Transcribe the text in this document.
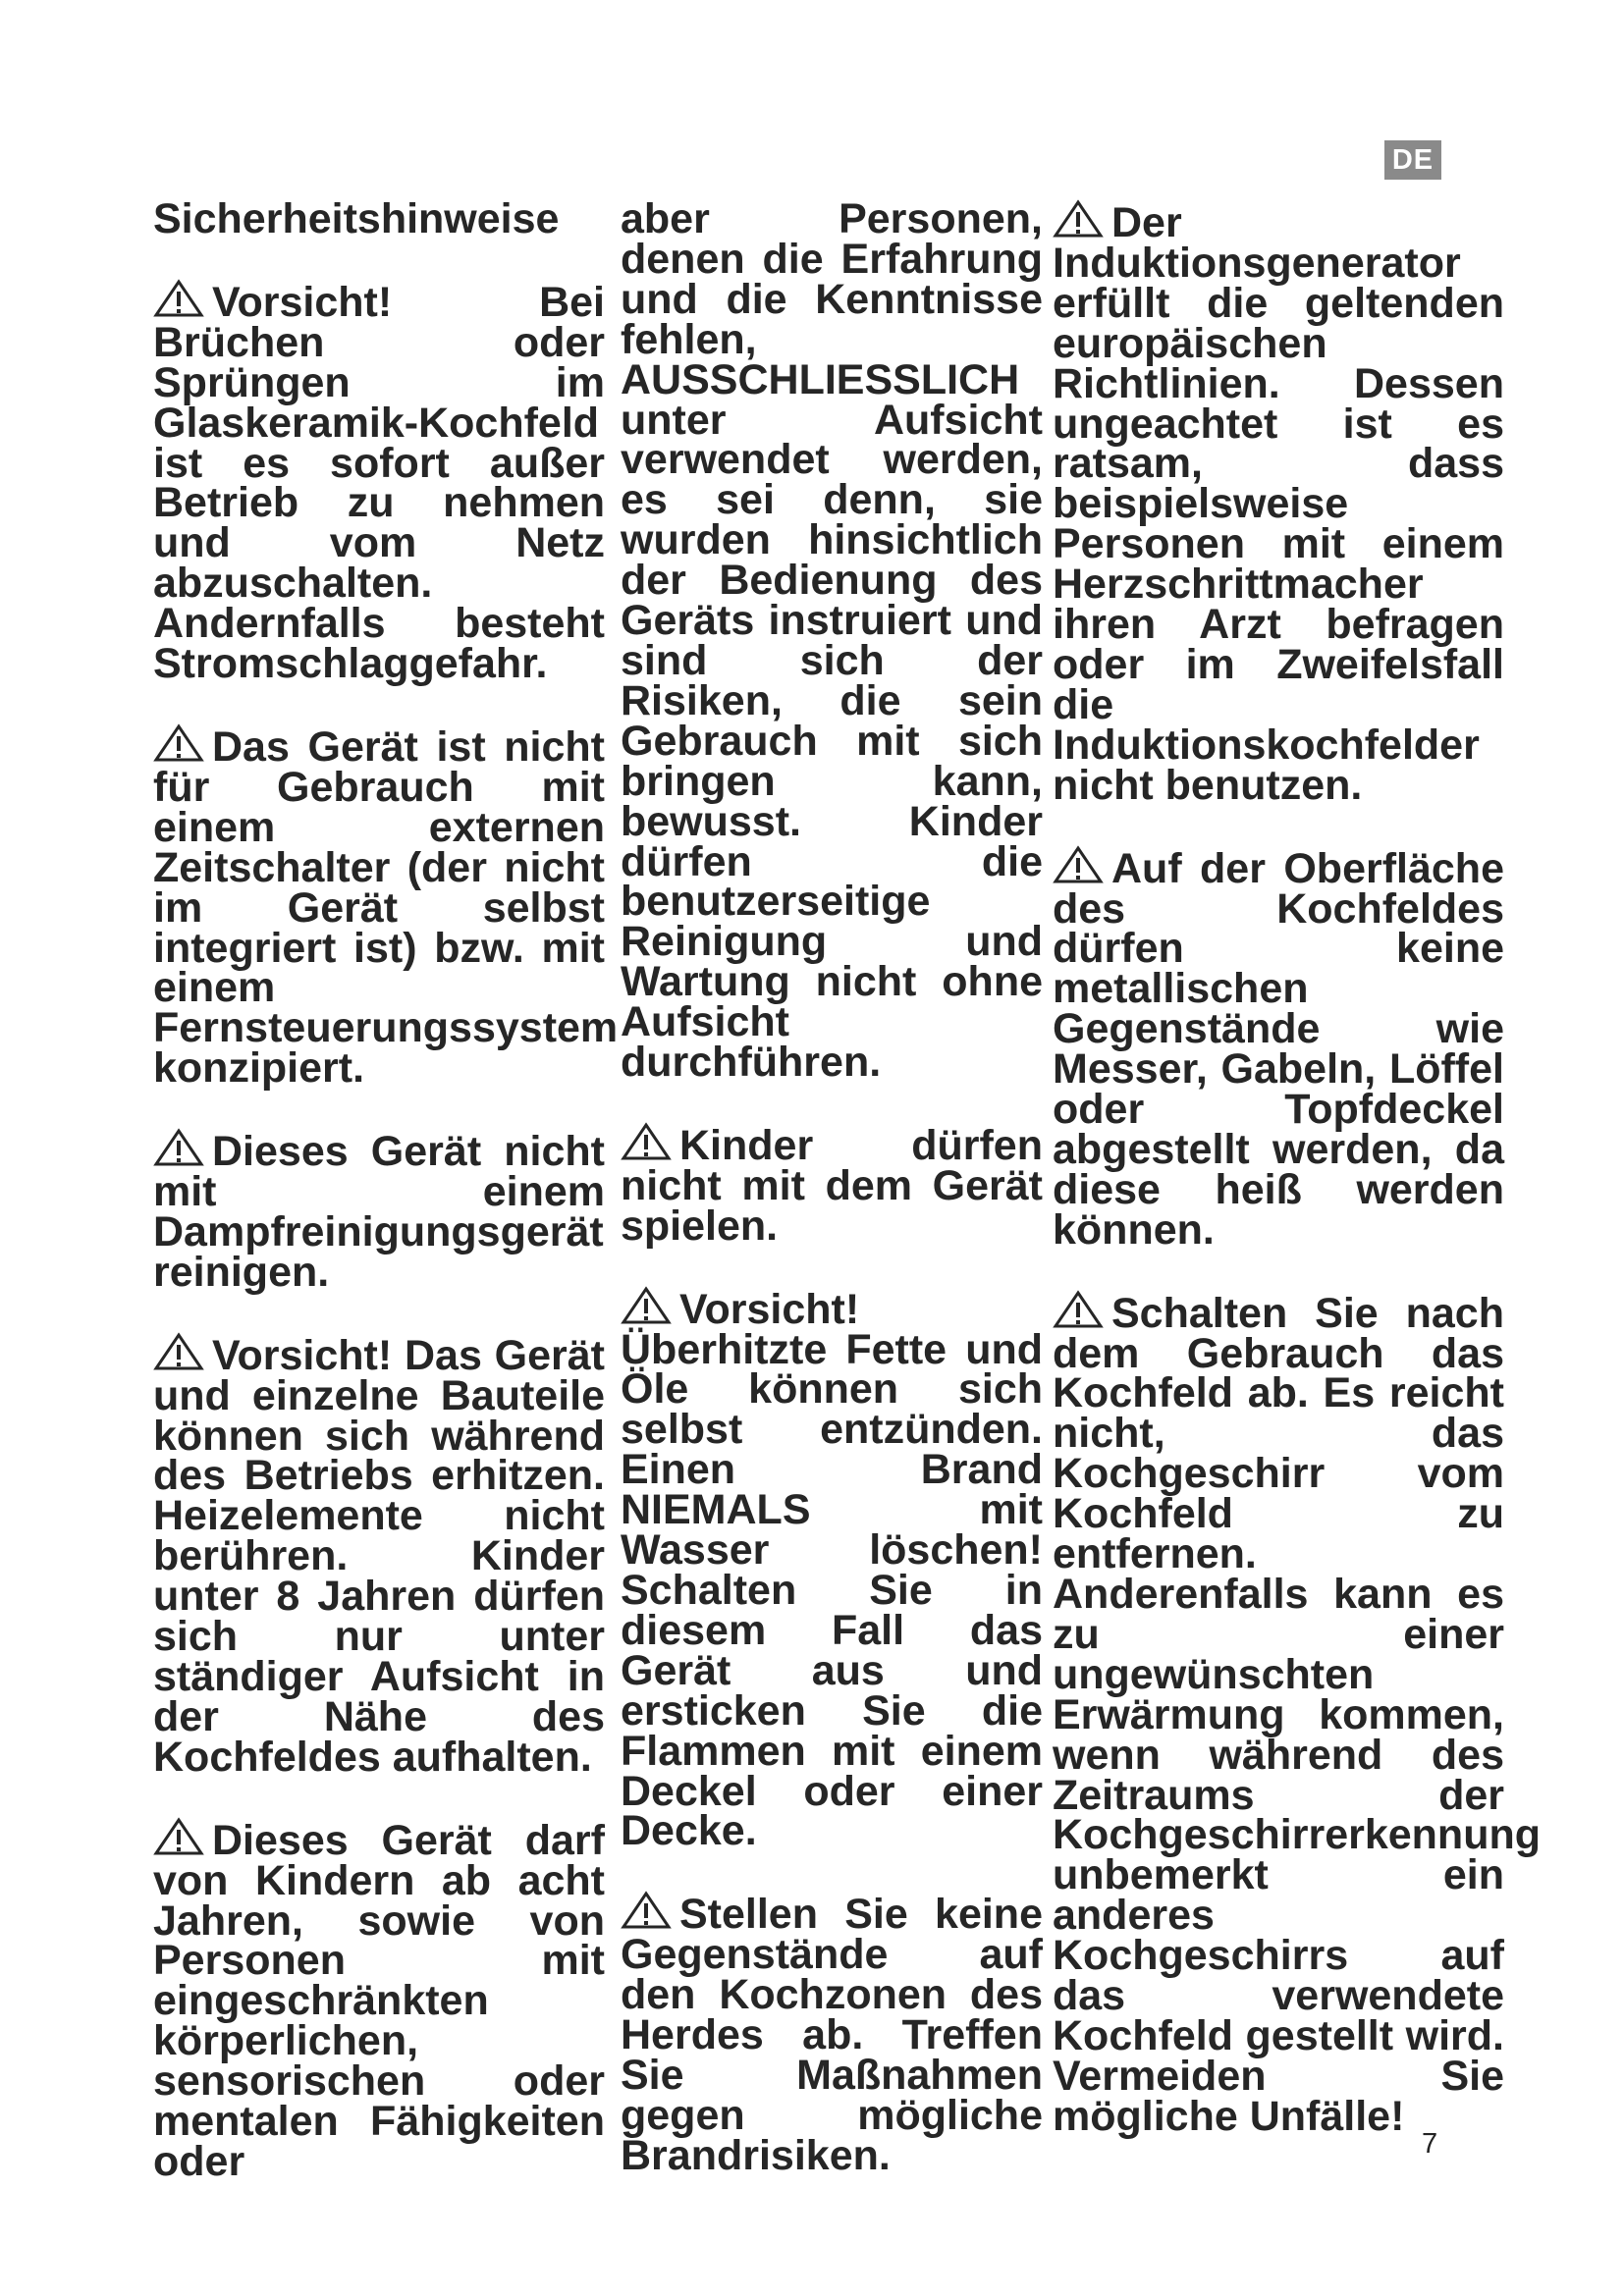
DE

Sicherheitshinweise

Vorsicht! Bei Brüchen oder Sprüngen im Glaskeramik-Kochfeld ist es sofort außer Betrieb zu nehmen und vom Netz abzuschalten. Andernfalls besteht Stromschlaggefahr.

Das Gerät ist nicht für Gebrauch mit einem externen Zeitschalter (der nicht im Gerät selbst integriert ist) bzw. mit einem Fernsteuerungssystem konzipiert.

Dieses Gerät nicht mit einem Dampfreinigungsgerät reinigen.

Vorsicht! Das Gerät und einzelne Bauteile können sich während des Betriebs erhitzen. Heizelemente nicht berühren. Kinder unter 8 Jahren dürfen sich nur unter ständiger Aufsicht in der Nähe des Kochfeldes aufhalten.

Dieses Gerät darf von Kindern ab acht Jahren, sowie von Personen mit eingeschränkten körperlichen, sensorischen oder mentalen Fähigkeiten oder

aber Personen, denen die Erfahrung und die Kenntnisse fehlen, AUSSCHLIESSLICH unter Aufsicht verwendet werden, es sei denn, sie wurden hinsichtlich der Bedienung des Geräts instruiert und sind sich der Risiken, die sein Gebrauch mit sich bringen kann, bewusst. Kinder dürfen die benutzerseitige Reinigung und Wartung nicht ohne Aufsicht durchführen.

Kinder dürfen nicht mit dem Gerät spielen.

Vorsicht! Überhitzte Fette und Öle können sich selbst entzünden. Einen Brand NIEMALS mit Wasser löschen! Schalten Sie in diesem Fall das Gerät aus und ersticken Sie die Flammen mit einem Deckel oder einer Decke.

Stellen Sie keine Gegenstände auf den Kochzonen des Herdes ab. Treffen Sie Maßnahmen gegen mögliche Brandrisiken.

Der Induktionsgenerator erfüllt die geltenden europäischen Richtlinien. Dessen ungeachtet ist es ratsam, dass beispielsweise Personen mit einem Herzschrittmacher ihren Arzt befragen oder im Zweifelsfall die Induktionskochfelder nicht benutzen.

Auf der Oberfläche des Kochfeldes dürfen keine metallischen Gegenstände wie Messer, Gabeln, Löffel oder Topfdeckel abgestellt werden, da diese heiß werden können.

Schalten Sie nach dem Gebrauch das Kochfeld ab. Es reicht nicht, das Kochgeschirr vom Kochfeld zu entfernen. Anderenfalls kann es zu einer ungewünschten Erwärmung kommen, wenn während des Zeitraums der Kochgeschirrerkennung unbemerkt ein anderes Kochgeschirrs auf das verwendete Kochfeld gestellt wird. Vermeiden Sie mögliche Unfälle!

7
